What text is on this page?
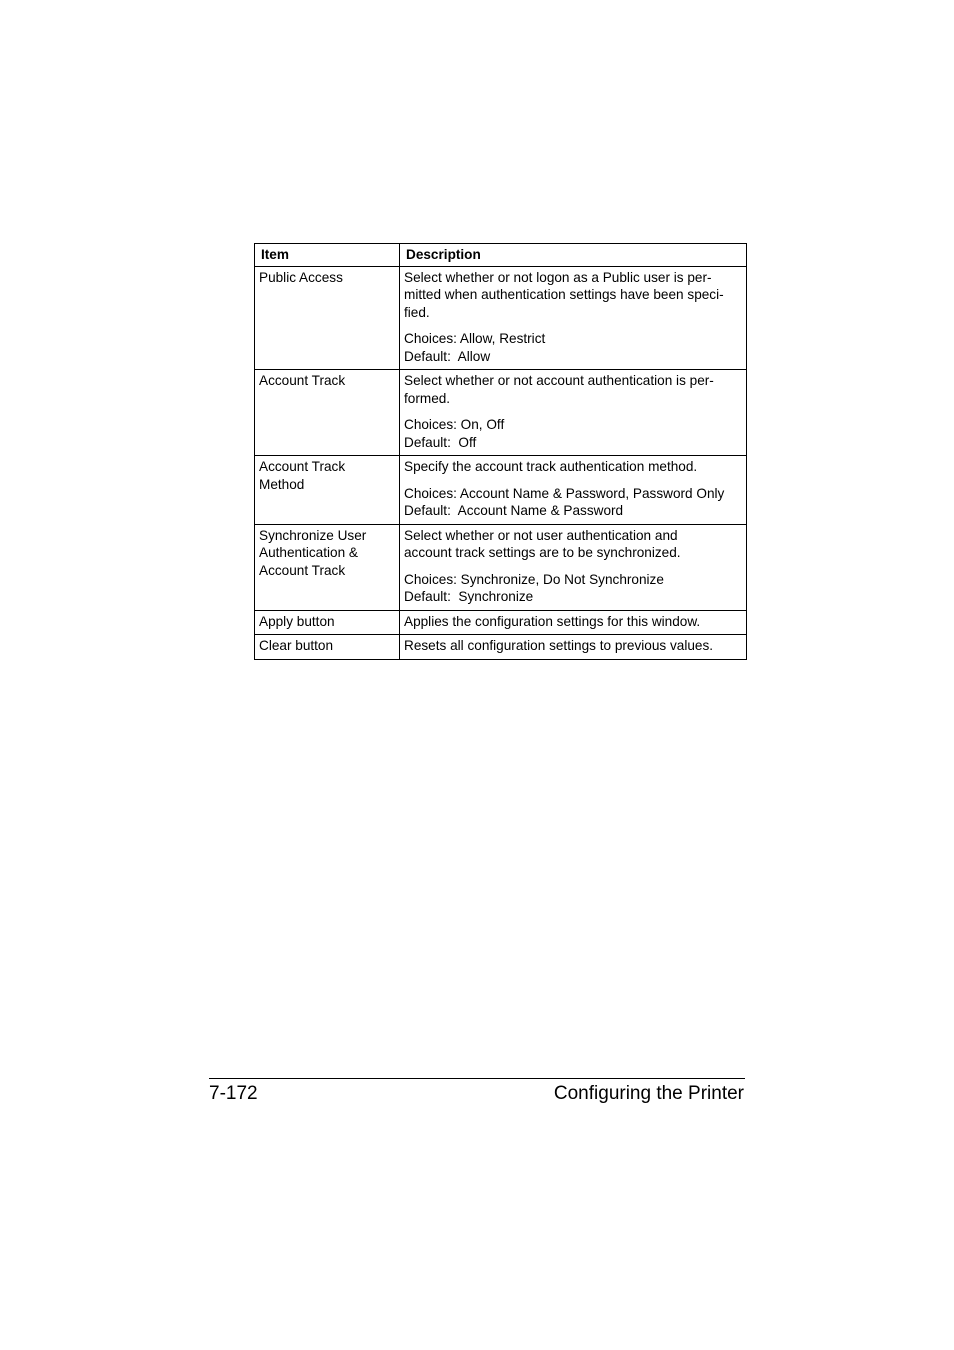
Item	Description
Public Access	Select whether or not logon as a Public user is per-
mitted when authentication settings have been speci-
fied.
Choices: Allow, Restrict
Default:  Allow

Account Track	Select whether or not account authentication is per-
formed.
Choices: On, Off
Default:  Off

Account Track
Method	Specify the account track authentication method.
Choices: Account Name & Password, Password Only
Default:  Account Name & Password

Synchronize User
Authentication &
Account Track	Select whether or not user authentication and
account track settings are to be synchronized.
Choices: Synchronize, Do Not Synchronize
Default:  Synchronize

Apply button	Applies the configuration settings for this window.

Clear button	Resets all configuration settings to previous values.
7-172	Configuring the Printer
